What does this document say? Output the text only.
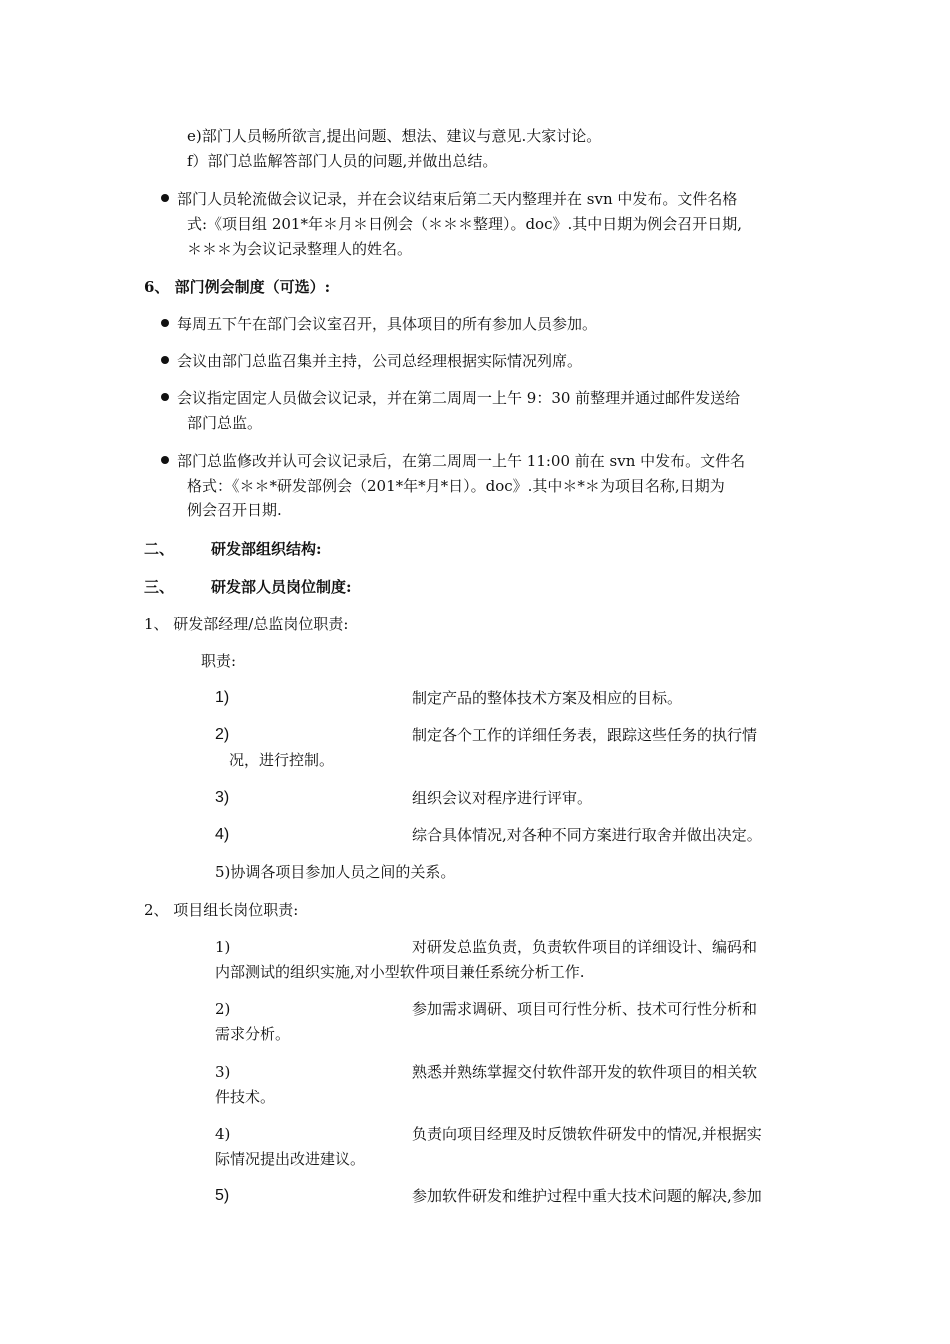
e)部门人员畅所欲言,提出问题、想法、建议与意见.大家讨论。
f）部门总监解答部门人员的问题,并做出总结。
部门人员轮流做会议记录，并在会议结束后第二天内整理并在 svn 中发布。文件名格
式:《项目组 201*年＊月＊日例会（＊＊＊整理）。doc》.其中日期为例会召开日期,
＊＊＊为会议记录整理人的姓名。
6、 部门例会制度（可选）:
每周五下午在部门会议室召开，具体项目的所有参加人员参加。
会议由部门总监召集并主持，公司总经理根据实际情况列席。
会议指定固定人员做会议记录，并在第二周周一上午 9：30 前整理并通过邮件发送给
部门总监。
部门总监修改并认可会议记录后，在第二周周一上午 11:00 前在 svn 中发布。文件名
格式：《＊＊*研发部例会（201*年*月*日）。doc》.其中＊*＊为项目名称,日期为
例会召开日期.
二、 研发部组织结构:
三、 研发部人员岗位制度:
1、 研发部经理/总监岗位职责:
职责:
1)	制定产品的整体技术方案及相应的目标。
2)	制定各个工作的详细任务表，跟踪这些任务的执行情
况，进行控制。
3)	组织会议对程序进行评审。
4)	综合具体情况,对各种不同方案进行取舍并做出决定。
5)协调各项目参加人员之间的关系。
2、 项目组长岗位职责:
1)	对研发总监负责，负责软件项目的详细设计、编码和
内部测试的组织实施,对小型软件项目兼任系统分析工作.
2)	参加需求调研、项目可行性分析、技术可行性分析和
需求分析。
3)	熟悉并熟练掌握交付软件部开发的软件项目的相关软
件技术。
4)	负责向项目经理及时反馈软件研发中的情况,并根据实
际情况提出改进建议。
5)	参加软件研发和维护过程中重大技术问题的解决,参加
